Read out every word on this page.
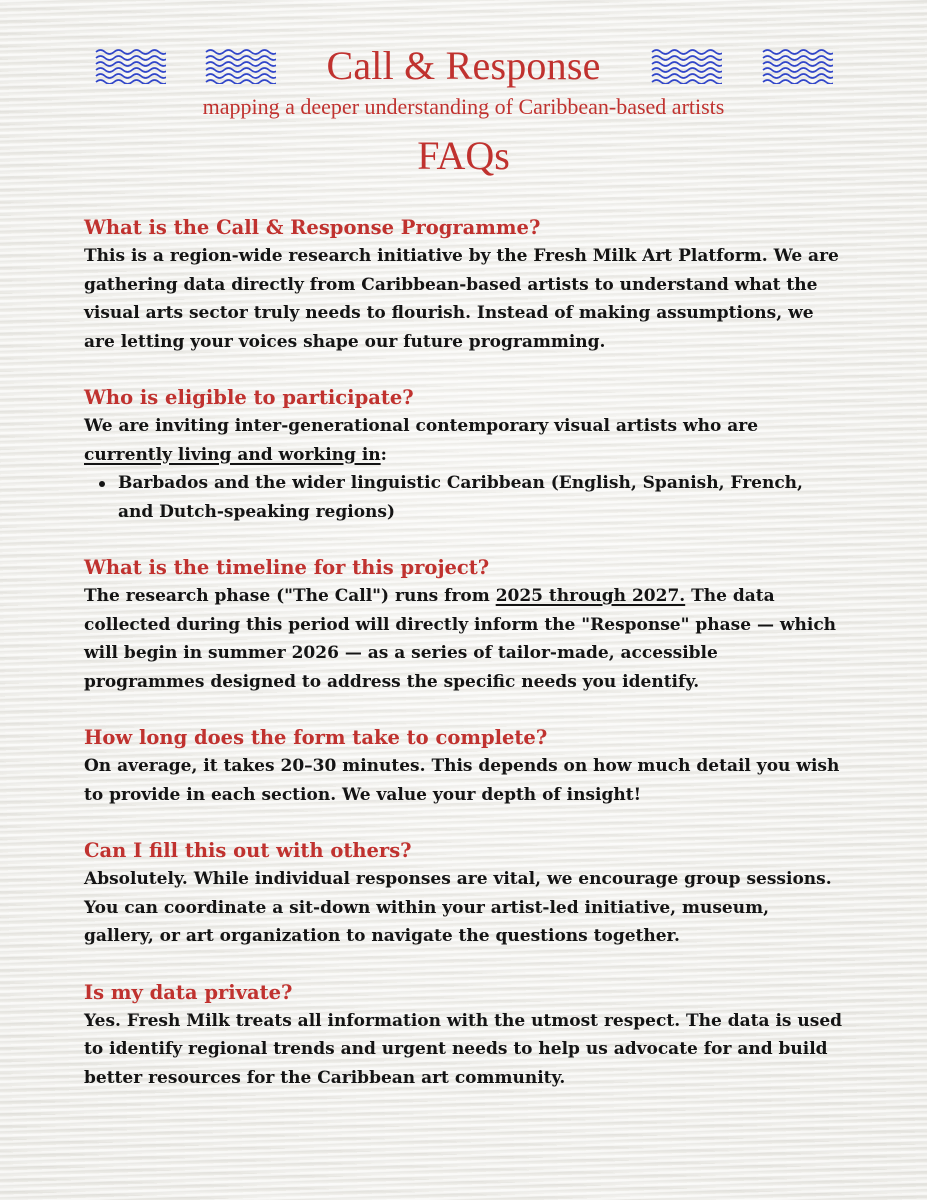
Call & Response
mapping a deeper understanding of Caribbean-based artists
FAQs

What is the Call & Response Programme?

This is a region-wide research initiative by the Fresh Milk Art Platform. We are gathering data directly from Caribbean-based artists to understand what the visual arts sector truly needs to flourish. Instead of making assumptions, we are letting your voices shape our future programming.

Who is eligible to participate?

We are inviting inter-generational contemporary visual artists who are currently living and working in:

Barbados and the wider linguistic Caribbean (English, Spanish, French, and Dutch-speaking regions)

What is the timeline for this project?

The research phase ("The Call") runs from 2025 through 2027. The data collected during this period will directly inform the "Response" phase — which will begin in summer 2026 — as a series of tailor-made, accessible programmes designed to address the specific needs you identify.

How long does the form take to complete?

On average, it takes 20–30 minutes. This depends on how much detail you wish to provide in each section. We value your depth of insight!

Can I fill this out with others?

Absolutely. While individual responses are vital, we encourage group sessions. You can coordinate a sit-down within your artist-led initiative, museum, gallery, or art organization to navigate the questions together.

Is my data private?

Yes. Fresh Milk treats all information with the utmost respect. The data is used to identify regional trends and urgent needs to help us advocate for and build better resources for the Caribbean art community.
